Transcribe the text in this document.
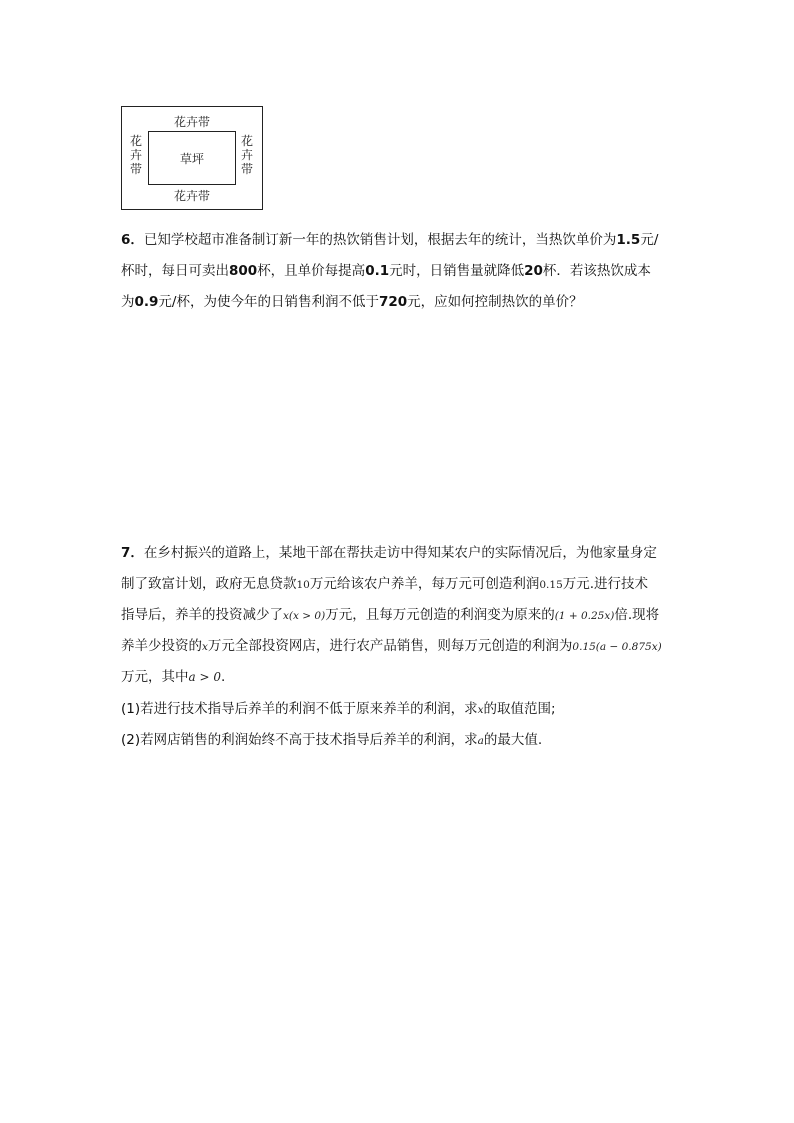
花卉带
花卉带
草坪
花
卉
带
花
卉
带
6．已知学校超市准备制订新一年的热饮销售计划，根据去年的统计，当热饮单价为1.5元/
杯时，每日可卖出800杯，且单价每提高0.1元时，日销售量就降低20杯．若该热饮成本
为0.9元/杯，为使今年的日销售利润不低于720元，应如何控制热饮的单价？
7．在乡村振兴的道路上，某地干部在帮扶走访中得知某农户的实际情况后，为他家量身定
制了致富计划，政府无息贷款10万元给该农户养羊，每万元可创造利润0.15万元.进行技术
指导后，养羊的投资减少了x(x > 0)万元，且每万元创造的利润变为原来的(1 + 0.25x)倍.现将
养羊少投资的x万元全部投资网店，进行农产品销售，则每万元创造的利润为0.15(a − 0.875x)
万元，其中a > 0.
(1)若进行技术指导后养羊的利润不低于原来养羊的利润，求x的取值范围;
(2)若网店销售的利润始终不高于技术指导后养羊的利润，求a的最大值.
